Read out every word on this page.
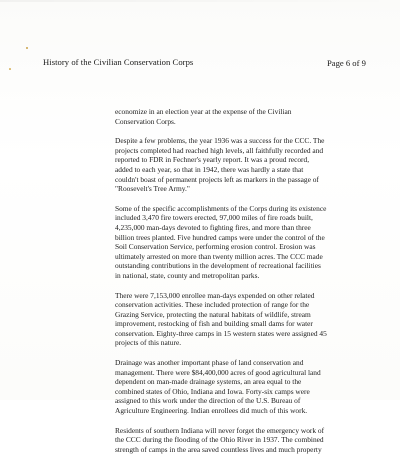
History of the Civilian Conservation Corps	Page 6 of 9

economize in an election year at the expense of the Civilian
Conservation Corps.

Despite a few problems, the year 1936 was a success for the CCC. The
projects completed had reached high levels, all faithfully recorded and
reported to FDR in Fechner's yearly report. It was a proud record,
added to each year, so that in 1942, there was hardly a state that
couldn't boast of permanent projects left as markers in the passage of
"Roosevelt's Tree Army."

Some of the specific accomplishments of the Corps during its existence
included 3,470 fire towers erected, 97,000 miles of fire roads built,
4,235,000 man-days devoted to fighting fires, and more than three
billion trees planted. Five hundred camps were under the control of the
Soil Conservation Service, performing erosion control. Erosion was
ultimately arrested on more than twenty million acres. The CCC made
outstanding contributions in the development of recreational facilities
in national, state, county and metropolitan parks.

There were 7,153,000 enrollee man-days expended on other related
conservation activities. These included protection of range for the
Grazing Service, protecting the natural habitats of wildlife, stream
improvement, restocking of fish and building small dams for water
conservation. Eighty-three camps in 15 western states were assigned 45
projects of this nature.

Drainage was another important phase of land conservation and
management. There were $84,400,000 acres of good agricultural land
dependent on man-made drainage systems, an area equal to the
combined states of Ohio, Indiana and Iowa. Forty-six camps were
assigned to this work under the direction of the U.S. Bureau of
Agriculture Engineering. Indian enrollees did much of this work.

Residents of southern Indiana will never forget the emergency work of
the CCC during the flooding of the Ohio River in 1937. The combined
strength of camps in the area saved countless lives and much property
